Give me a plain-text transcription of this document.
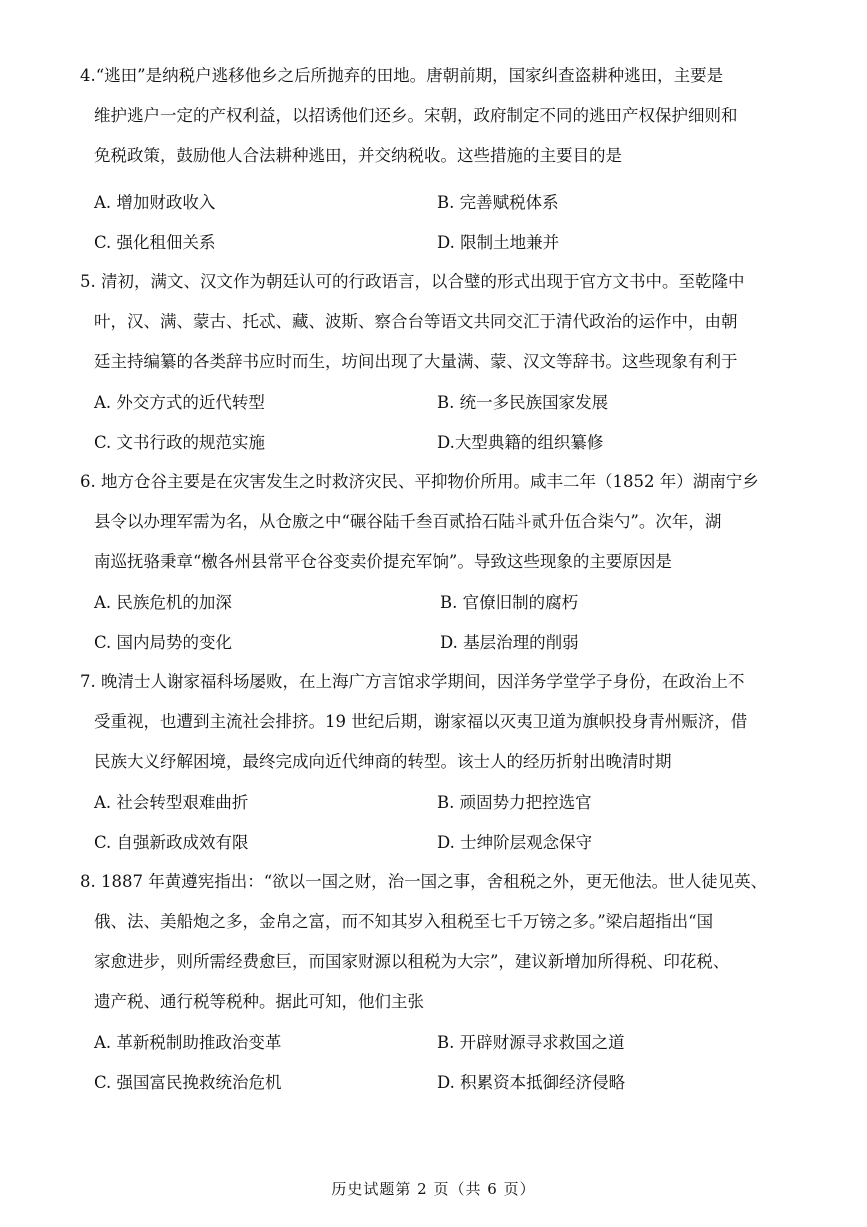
4.“逃田”是纳税户逃移他乡之后所抛弃的田地。唐朝前期，国家纠查盗耕种逃田，主要是
维护逃户一定的产权利益，以招诱他们还乡。宋朝，政府制定不同的逃田产权保护细则和
免税政策，鼓励他人合法耕种逃田，并交纳税收。这些措施的主要目的是

A. 增加财政收入	B. 完善赋税体系

C. 强化租佃关系	D. 限制土地兼并

5. 清初，满文、汉文作为朝廷认可的行政语言，以合璧的形式出现于官方文书中。至乾隆中
叶，汉、满、蒙古、托忒、藏、波斯、察合台等语文共同交汇于清代政治的运作中，由朝
廷主持编纂的各类辞书应时而生，坊间出现了大量满、蒙、汉文等辞书。这些现象有利于

A. 外交方式的近代转型	B. 统一多民族国家发展

C. 文书行政的规范实施	D.大型典籍的组织纂修

6. 地方仓谷主要是在灾害发生之时救济灾民、平抑物价所用。咸丰二年（1852 年）湖南宁乡
县令以办理军需为名，从仓廒之中“碾谷陆千叁百贰拾石陆斗贰升伍合柒勺”。次年，湖
南巡抚骆秉章“檄各州县常平仓谷变卖价提充军饷”。导致这些现象的主要原因是

A. 民族危机的加深	B. 官僚旧制的腐朽

C. 国内局势的变化	D. 基层治理的削弱

7. 晚清士人谢家福科场屡败，在上海广方言馆求学期间，因洋务学堂学子身份，在政治上不
受重视，也遭到主流社会排挤。19 世纪后期，谢家福以灭夷卫道为旗帜投身青州赈济，借
民族大义纾解困境，最终完成向近代绅商的转型。该士人的经历折射出晚清时期

A. 社会转型艰难曲折	B. 顽固势力把控选官

C. 自强新政成效有限	D. 士绅阶层观念保守

8. 1887 年黄遵宪指出：“欲以一国之财，治一国之事，舍租税之外，更无他法。世人徒见英、
俄、法、美船炮之多，金帛之富，而不知其岁入租税至七千万镑之多。”梁启超指出“国
家愈进步，则所需经费愈巨，而国家财源以租税为大宗”，建议新增加所得税、印花税、
遗产税、通行税等税种。据此可知，他们主张

A. 革新税制助推政治变革	B. 开辟财源寻求救国之道

C. 强国富民挽救统治危机	D. 积累资本抵御经济侵略

历史试题第 2 页（共 6 页）
